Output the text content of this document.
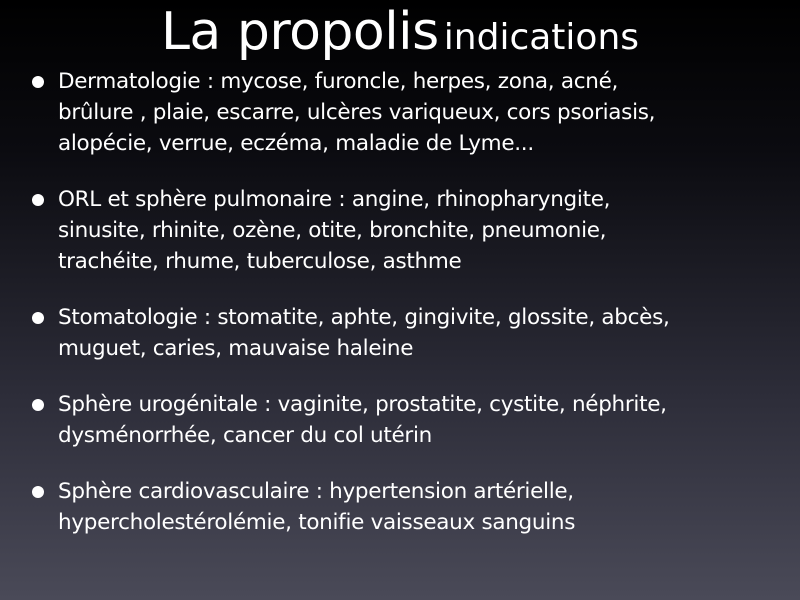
La propolis indications
Dermatologie : mycose, furoncle, herpes, zona, acné,
brûlure , plaie, escarre, ulcères variqueux, cors psoriasis,
alopécie, verrue, eczéma, maladie de Lyme...
ORL et sphère pulmonaire : angine, rhinopharyngite,
sinusite, rhinite, ozène, otite, bronchite, pneumonie,
trachéite, rhume, tuberculose, asthme
Stomatologie : stomatite, aphte, gingivite, glossite, abcès,
muguet, caries, mauvaise haleine
Sphère urogénitale : vaginite, prostatite, cystite, néphrite,
dysménorrhée, cancer du col utérin
Sphère cardiovasculaire : hypertension artérielle,
hypercholestérolémie, tonifie vaisseaux sanguins
